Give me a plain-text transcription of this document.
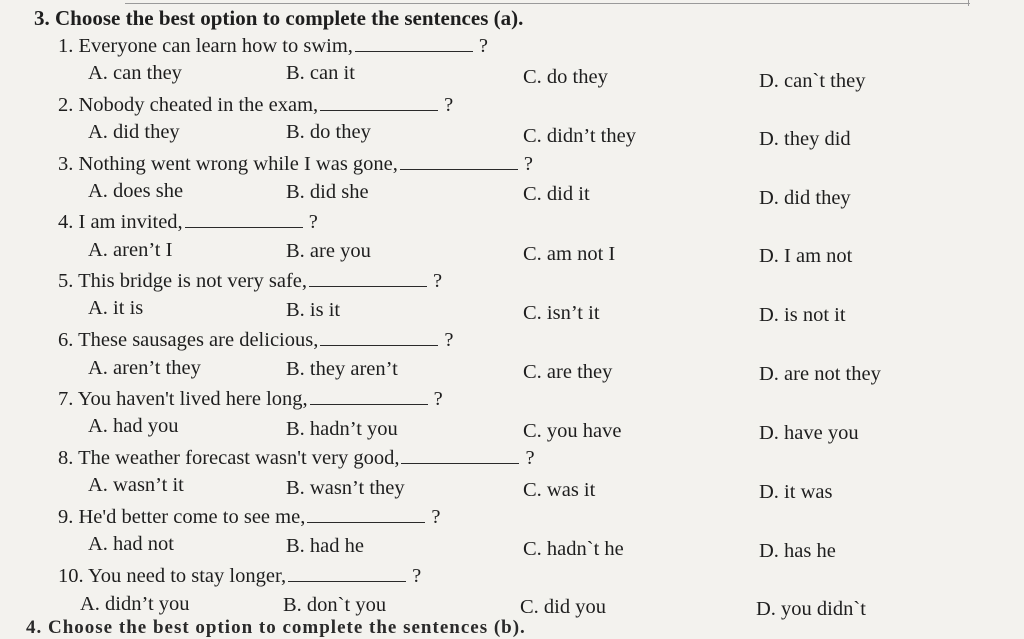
3. Choose the best option to complete the sentences (a).
1. Everyone can learn how to swim,	?
A. can they	B. can it	C. do they	D. can`t they
2. Nobody cheated in the exam,	?
A. did they	B. do they	C. didn’t they	D. they did
3. Nothing went wrong while I was gone,	?
A. does she	B. did she	C. did it	D. did they
4. I am invited,	?
A. aren’t I	B. are you	C. am not I	D. I am not
5. This bridge is not very safe,	?
A. it is	B. is it	C. isn’t it	D. is not it
6. These sausages are delicious,	?
A. aren’t they	B. they aren’t	C. are they	D. are not they
7. You haven't lived here long,	?
A. had you	B. hadn’t you	C. you have	D. have you
8. The weather forecast wasn't very good,	?
A. wasn’t it	B. wasn’t they	C. was it	D. it was
9. He'd better come to see me,	?
A. had not	B. had he	C. hadn`t he	D. has he
10. You need to stay longer,	?
A. didn’t you	B. don`t you	C. did you	D. you didn`t
4. Choose the best option to complete the sentences (b).
